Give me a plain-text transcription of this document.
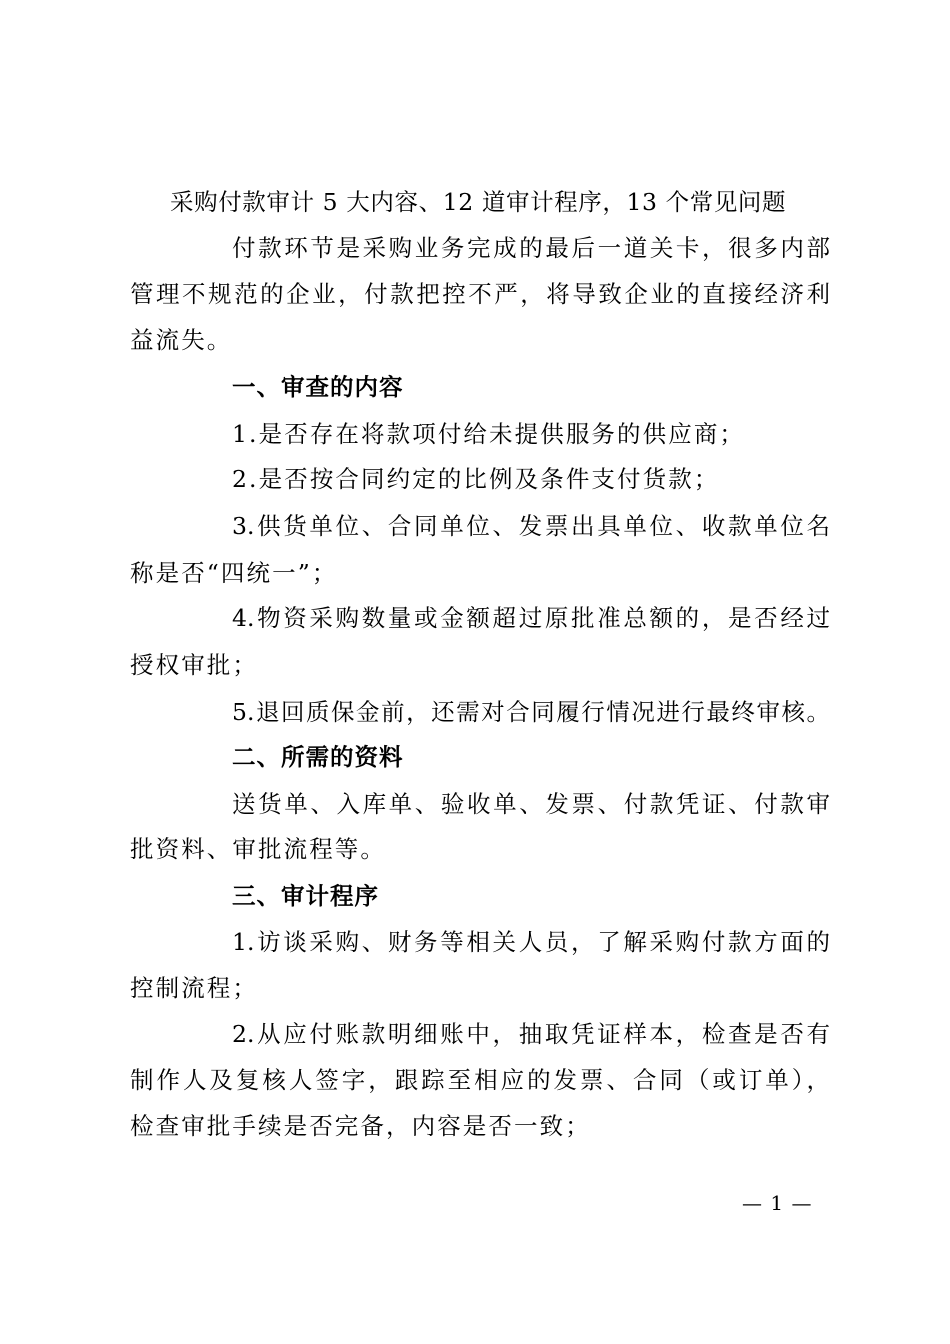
采购付款审计 5 大内容、12 道审计程序，13 个常见问题
付款环节是采购业务完成的最后一道关卡，很多内部
管理不规范的企业，付款把控不严，将导致企业的直接经济利
益流失。
一、审查的内容
1.是否存在将款项付给未提供服务的供应商；
2.是否按合同约定的比例及条件支付货款；
3.供货单位、合同单位、发票出具单位、收款单位名
称是否“四统一”；
4.物资采购数量或金额超过原批准总额的，是否经过
授权审批；
5.退回质保金前，还需对合同履行情况进行最终审核。
二、所需的资料
送货单、入库单、验收单、发票、付款凭证、付款审
批资料、审批流程等。
三、审计程序
1.访谈采购、财务等相关人员，了解采购付款方面的
控制流程；
2.从应付账款明细账中，抽取凭证样本，检查是否有
制作人及复核人签字，跟踪至相应的发票、合同（或订单），
检查审批手续是否完备，内容是否一致；
— 1 —
